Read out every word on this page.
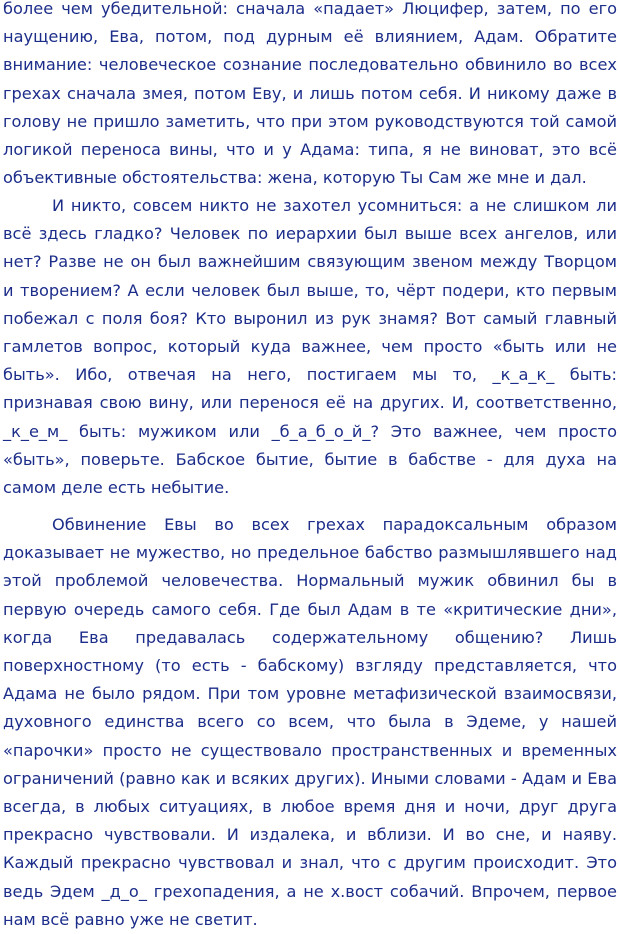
более чем убедительной: сначала «падает» Люцифер, затем, по его наущению, Ева, потом, под дурным её влиянием, Адам. Обратите внимание: человеческое сознание последовательно обвинило во всех грехах сначала змея, потом Еву, и лишь потом себя. И никому даже в голову не пришло заметить, что при этом руководствуются той самой логикой переноса вины, что и у Адама: типа, я не виноват, это всё объективные обстоятельства: жена, которую Ты Сам же мне и дал.

И никто, совсем никто не захотел усомниться: а не слишком ли всё здесь гладко? Человек по иерархии был выше всех ангелов, или нет? Разве не он был важнейшим связующим звеном между Творцом и творением? А если человек был выше, то, чёрт подери, кто первым побежал с поля боя? Кто выронил из рук знамя? Вот самый главный гамлетов вопрос, который куда важнее, чем просто «быть или не быть». Ибо, отвечая на него, постигаем мы то, _к_а_к_ быть: признавая свою вину, или перенося её на других. И, соответственно, _к_е_м_ быть: мужиком или _б_а_б_о_й_? Это важнее, чем просто «быть», поверьте. Бабское бытие, бытие в бабстве - для духа на самом деле есть небытие.

Обвинение Евы во всех грехах парадоксальным образом доказывает не мужество, но предельное бабство размышлявшего над этой проблемой человечества. Нормальный мужик обвинил бы в первую очередь самого себя. Где был Адам в те «критические дни», когда Ева предавалась содержательному общению? Лишь поверхностному (то есть - бабскому) взгляду представляется, что Адама не было рядом. При том уровне метафизической взаимосвязи, духовного единства всего со всем, что была в Эдеме, у нашей «парочки» просто не существовало пространственных и временных ограничений (равно как и всяких других). Иными словами - Адам и Ева всегда, в любых ситуациях, в любое время дня и ночи, друг друга прекрасно чувствовали. И издалека, и вблизи. И во сне, и наяву. Каждый прекрасно чувствовал и знал, что с другим происходит. Это ведь Эдем _д_о_ грехопадения, а не х.вост собачий. Впрочем, первое нам всё равно уже не светит.
